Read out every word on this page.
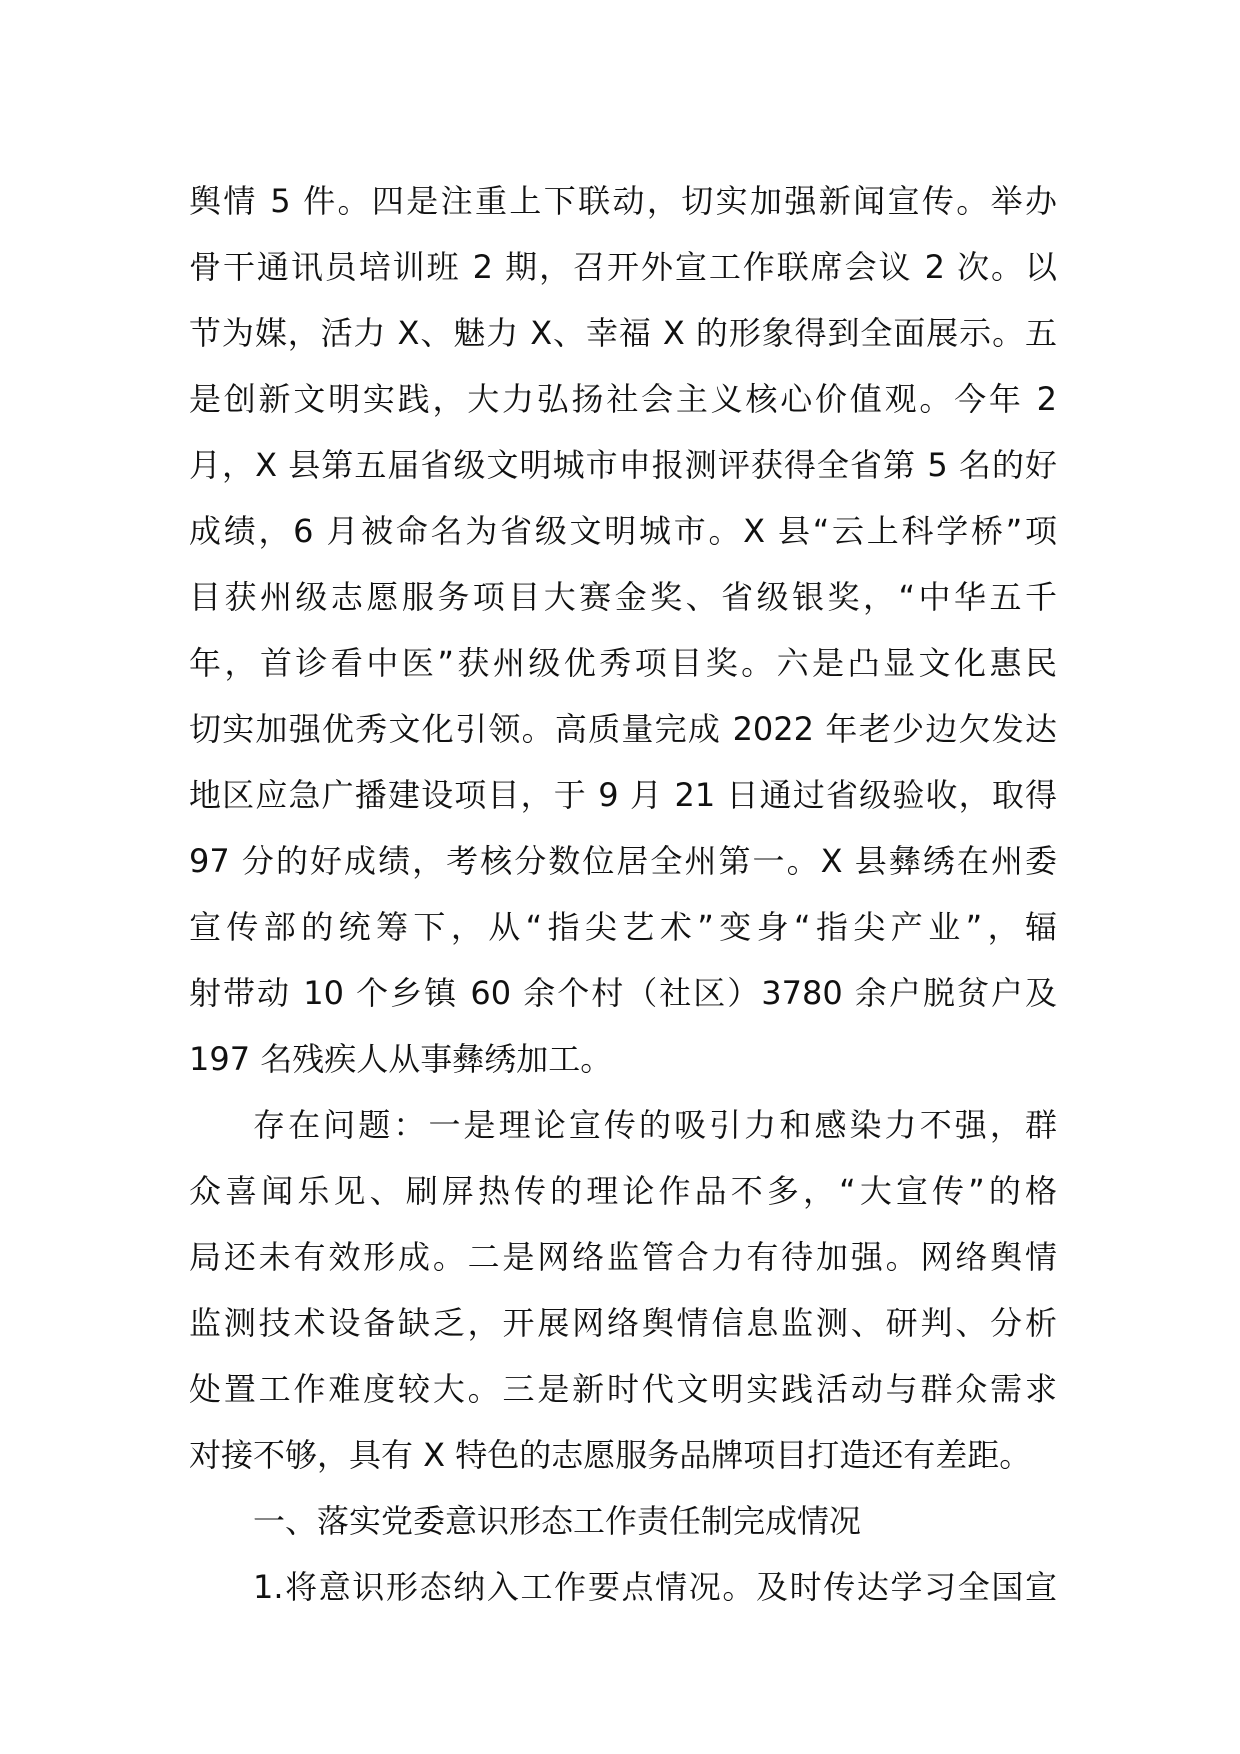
舆情 5 件。四是注重上下联动，切实加强新闻宣传。举办
骨干通讯员培训班 2 期，召开外宣工作联席会议 2 次。以
节为媒，活力 X、魅力 X、幸福 X 的形象得到全面展示。五
是创新文明实践，大力弘扬社会主义核心价值观。今年 2
月，X 县第五届省级文明城市申报测评获得全省第 5 名的好
成绩，6 月被命名为省级文明城市。X 县“云上科学桥”项
目获州级志愿服务项目大赛金奖、省级银奖，“中华五千
年，首诊看中医”获州级优秀项目奖。六是凸显文化惠民
切实加强优秀文化引领。高质量完成 2022 年老少边欠发达
地区应急广播建设项目，于 9 月 21 日通过省级验收，取得
97 分的好成绩，考核分数位居全州第一。X 县彝绣在州委
宣传部的统筹下，从“指尖艺术”变身“指尖产业”，辐
射带动 10 个乡镇 60 余个村（社区）3780 余户脱贫户及
197 名残疾人从事彝绣加工。
存在问题：一是理论宣传的吸引力和感染力不强，群
众喜闻乐见、刷屏热传的理论作品不多，“大宣传”的格
局还未有效形成。二是网络监管合力有待加强。网络舆情
监测技术设备缺乏，开展网络舆情信息监测、研判、分析
处置工作难度较大。三是新时代文明实践活动与群众需求
对接不够，具有 X 特色的志愿服务品牌项目打造还有差距。
一、落实党委意识形态工作责任制完成情况
1.将意识形态纳入工作要点情况。及时传达学习全国宣
